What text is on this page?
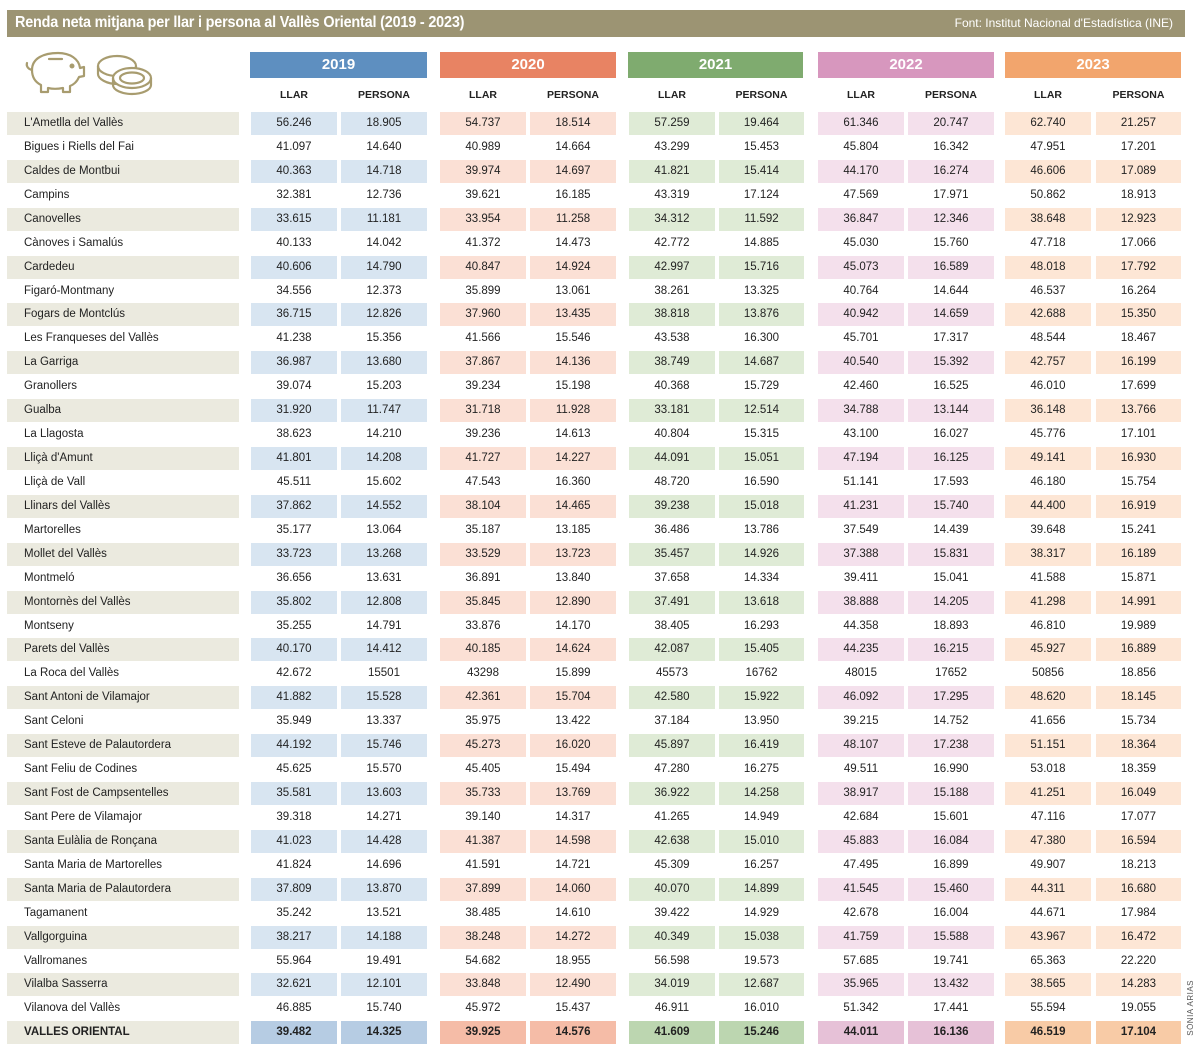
Renda neta mitjana per llar i persona al Vallès Oriental (2019 - 2023)	Font: Institut Nacional d'Estadística (INE)
2019	2020	2021	2022	2023
LLAR	PERSONA	LLAR	PERSONA	LLAR	PERSONA	LLAR	PERSONA	LLAR	PERSONA
L'Ametlla del Vallès	56.246	18.905	54.737	18.514	57.259	19.464	61.346	20.747	62.740	21.257
Bigues i Riells del Fai	41.097	14.640	40.989	14.664	43.299	15.453	45.804	16.342	47.951	17.201
Caldes de Montbui	40.363	14.718	39.974	14.697	41.821	15.414	44.170	16.274	46.606	17.089
Campins	32.381	12.736	39.621	16.185	43.319	17.124	47.569	17.971	50.862	18.913
Canovelles	33.615	11.181	33.954	11.258	34.312	11.592	36.847	12.346	38.648	12.923
Cànoves i Samalús	40.133	14.042	41.372	14.473	42.772	14.885	45.030	15.760	47.718	17.066
Cardedeu	40.606	14.790	40.847	14.924	42.997	15.716	45.073	16.589	48.018	17.792
Figaró-Montmany	34.556	12.373	35.899	13.061	38.261	13.325	40.764	14.644	46.537	16.264
Fogars de Montclús	36.715	12.826	37.960	13.435	38.818	13.876	40.942	14.659	42.688	15.350
Les Franqueses del Vallès	41.238	15.356	41.566	15.546	43.538	16.300	45.701	17.317	48.544	18.467
La Garriga	36.987	13.680	37.867	14.136	38.749	14.687	40.540	15.392	42.757	16.199
Granollers	39.074	15.203	39.234	15.198	40.368	15.729	42.460	16.525	46.010	17.699
Gualba	31.920	11.747	31.718	11.928	33.181	12.514	34.788	13.144	36.148	13.766
La Llagosta	38.623	14.210	39.236	14.613	40.804	15.315	43.100	16.027	45.776	17.101
Lliçà d'Amunt	41.801	14.208	41.727	14.227	44.091	15.051	47.194	16.125	49.141	16.930
Lliçà de Vall	45.511	15.602	47.543	16.360	48.720	16.590	51.141	17.593	46.180	15.754
Llinars del Vallès	37.862	14.552	38.104	14.465	39.238	15.018	41.231	15.740	44.400	16.919
Martorelles	35.177	13.064	35.187	13.185	36.486	13.786	37.549	14.439	39.648	15.241
Mollet del Vallès	33.723	13.268	33.529	13.723	35.457	14.926	37.388	15.831	38.317	16.189
Montmeló	36.656	13.631	36.891	13.840	37.658	14.334	39.411	15.041	41.588	15.871
Montornès del Vallès	35.802	12.808	35.845	12.890	37.491	13.618	38.888	14.205	41.298	14.991
Montseny	35.255	14.791	33.876	14.170	38.405	16.293	44.358	18.893	46.810	19.989
Parets del Vallès	40.170	14.412	40.185	14.624	42.087	15.405	44.235	16.215	45.927	16.889
La Roca del Vallès	42.672	15501	43298	15.899	45573	16762	48015	17652	50856	18.856
Sant Antoni de Vilamajor	41.882	15.528	42.361	15.704	42.580	15.922	46.092	17.295	48.620	18.145
Sant Celoni	35.949	13.337	35.975	13.422	37.184	13.950	39.215	14.752	41.656	15.734
Sant Esteve de Palautordera	44.192	15.746	45.273	16.020	45.897	16.419	48.107	17.238	51.151	18.364
Sant Feliu de Codines	45.625	15.570	45.405	15.494	47.280	16.275	49.511	16.990	53.018	18.359
Sant Fost de Campsentelles	35.581	13.603	35.733	13.769	36.922	14.258	38.917	15.188	41.251	16.049
Sant Pere de Vilamajor	39.318	14.271	39.140	14.317	41.265	14.949	42.684	15.601	47.116	17.077
Santa Eulàlia de Ronçana	41.023	14.428	41.387	14.598	42.638	15.010	45.883	16.084	47.380	16.594
Santa Maria de Martorelles	41.824	14.696	41.591	14.721	45.309	16.257	47.495	16.899	49.907	18.213
Santa Maria de Palautordera	37.809	13.870	37.899	14.060	40.070	14.899	41.545	15.460	44.311	16.680
Tagamanent	35.242	13.521	38.485	14.610	39.422	14.929	42.678	16.004	44.671	17.984
Vallgorguina	38.217	14.188	38.248	14.272	40.349	15.038	41.759	15.588	43.967	16.472
Vallromanes	55.964	19.491	54.682	18.955	56.598	19.573	57.685	19.741	65.363	22.220
Vilalba Sasserra	32.621	12.101	33.848	12.490	34.019	12.687	35.965	13.432	38.565	14.283
Vilanova del Vallès	46.885	15.740	45.972	15.437	46.911	16.010	51.342	17.441	55.594	19.055
VALLES ORIENTAL	39.482	14.325	39.925	14.576	41.609	15.246	44.011	16.136	46.519	17.104	SÒNIA ARIAS
